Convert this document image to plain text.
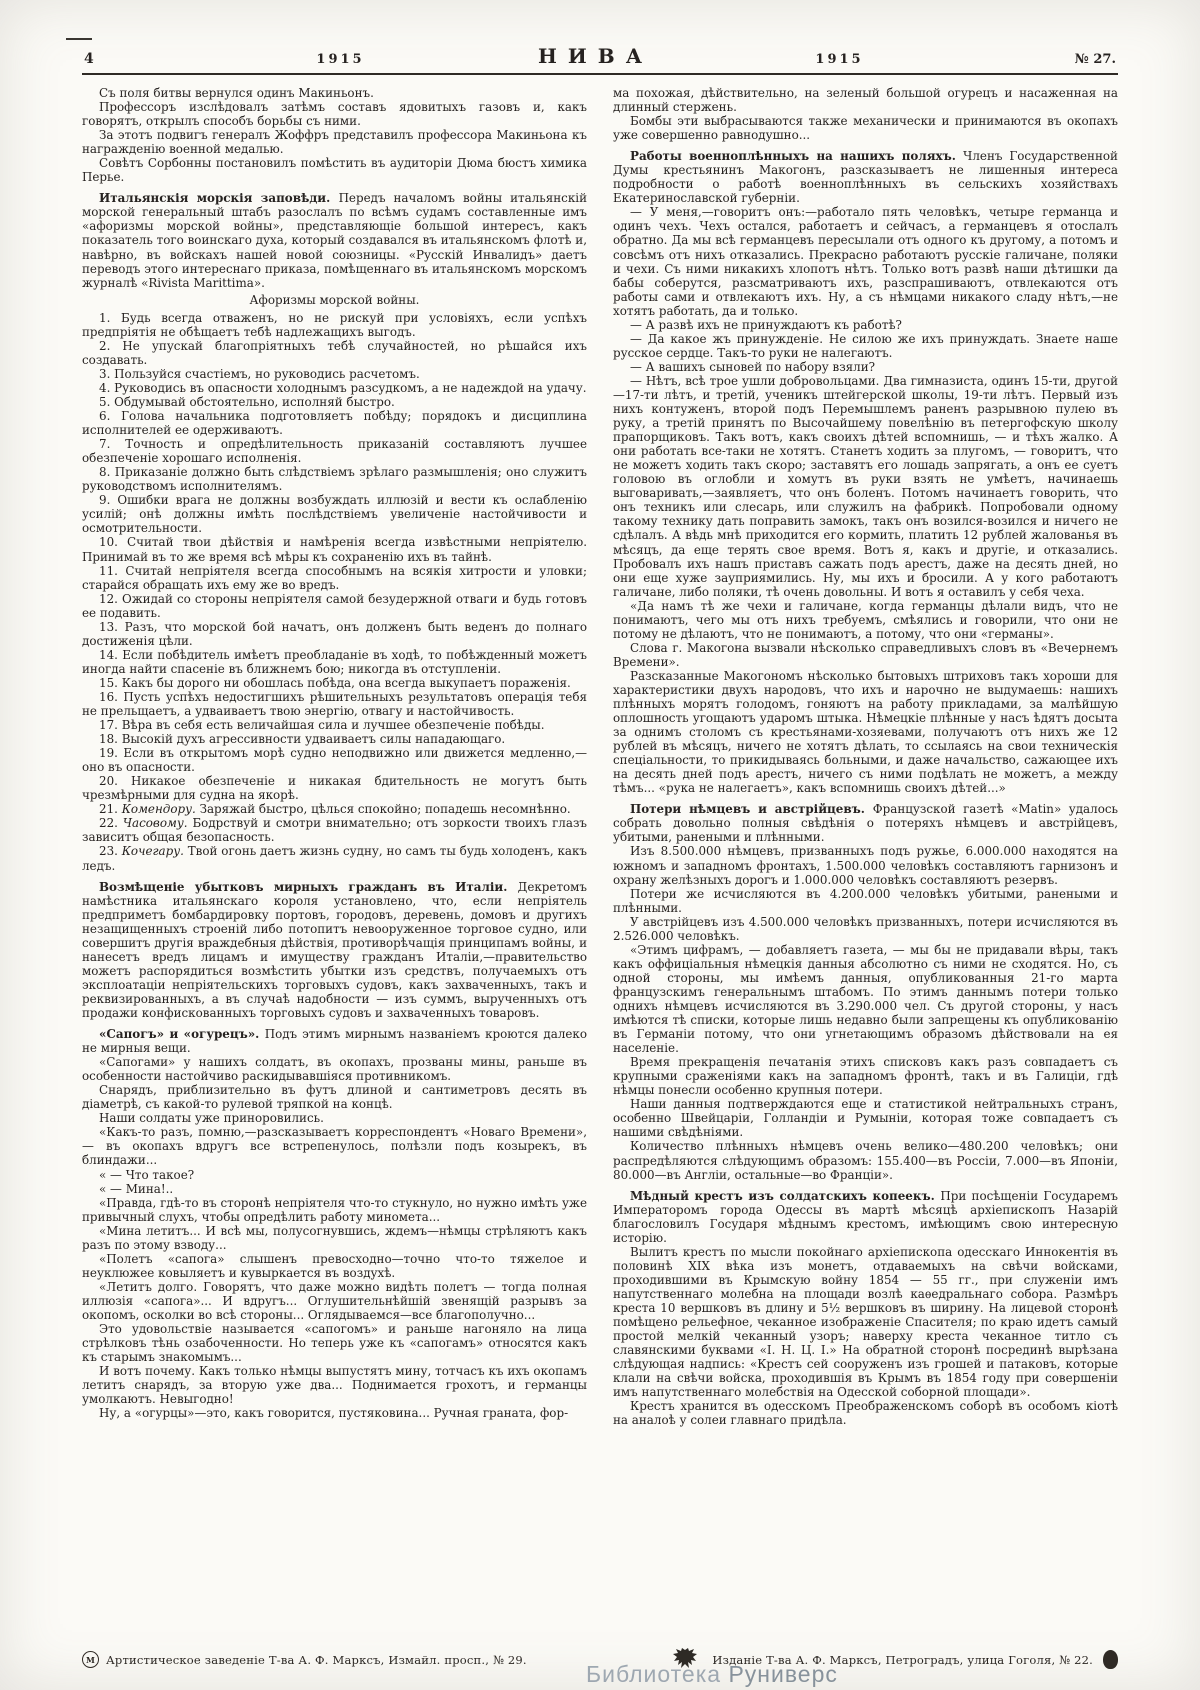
4	1915	НИВА	1915	№ 27.

Съ поля битвы вернулся одинъ Макиньонъ.

Профессоръ изслѣдовалъ затѣмъ составъ ядовитыхъ газовъ и, какъ говорятъ, открылъ способъ борьбы съ ними.

За этотъ подвигъ генералъ Жоффръ представилъ профессора Макиньона къ награжденію военной медалью.

Совѣтъ Сорбонны постановилъ помѣстить въ аудиторіи Дюма бюстъ химика Перье.

Итальянскія морскія заповѣди. Передъ началомъ войны итальянскій морской генеральный штабъ разослалъ по всѣмъ судамъ составленные имъ «афоризмы морской войны», представляющіе большой интересъ, какъ показатель того воинскаго духа, который создавался въ итальянскомъ флотѣ и, навѣрно, въ войскахъ нашей новой союзницы. «Русскій Инвалидъ» даетъ переводъ этого интереснаго приказа, помѣщеннаго въ итальянскомъ морскомъ журналѣ «Rivista Marittima».

Афоризмы морской войны.

1. Будь всегда отваженъ, но не рискуй при условіяхъ, если успѣхъ предпріятія не обѣщаетъ тебѣ надлежащихъ выгодъ.

2. Не упускай благопріятныхъ тебѣ случайностей, но рѣшайся ихъ создавать.

3. Пользуйся счастіемъ, но руководись расчетомъ.

4. Руководись въ опасности холоднымъ разсудкомъ, а не надеждой на удачу.

5. Обдумывай обстоятельно, исполняй быстро.

6. Голова начальника подготовляетъ побѣду; порядокъ и дисциплина исполнителей ее одерживаютъ.

7. Точность и опредѣлительность приказаній составляютъ лучшее обезпеченіе хорошаго исполненія.

8. Приказаніе должно быть слѣдствіемъ зрѣлаго размышленія; оно служитъ руководствомъ исполнителямъ.

9. Ошибки врага не должны возбуждать иллюзій и вести къ ослабленію усилій; онѣ должны имѣть послѣдствіемъ увеличеніе настойчивости и осмотрительности.

10. Считай твои дѣйствія и намѣренія всегда извѣстными непріятелю. Принимай въ то же время всѣ мѣры къ сохраненію ихъ въ тайнѣ.

11. Считай непріятеля всегда способнымъ на всякія хитрости и уловки; старайся обращать ихъ ему же во вредъ.

12. Ожидай со стороны непріятеля самой безудержной отваги и будь готовъ ее подавить.

13. Разъ, что морской бой начатъ, онъ долженъ быть веденъ до полнаго достиженія цѣли.

14. Если побѣдитель имѣетъ преобладаніе въ ходѣ, то побѣжденный можетъ иногда найти спасеніе въ ближнемъ бою; никогда въ отступленіи.

15. Какъ бы дорого ни обошлась побѣда, она всегда выкупаетъ пораженія.

16. Пусть успѣхъ недостигшихъ рѣшительныхъ результатовъ операція тебя не прельщаетъ, а удваиваетъ твою энергію, отвагу и настойчивость.

17. Вѣра въ себя есть величайшая сила и лучшее обезпеченіе побѣды.

18. Высокій духъ агрессивности удваиваетъ силы нападающаго.

19. Если въ открытомъ морѣ судно неподвижно или движется медленно,— оно въ опасности.

20. Никакое обезпеченіе и никакая бдительность не могутъ быть чрезмѣрными для судна на якорѣ.

21. Комендору. Заряжай быстро, цѣлься спокойно; попадешь несомнѣнно.

22. Часовому. Бодрствуй и смотри внимательно; отъ зоркости твоихъ глазъ зависитъ общая безопасность.

23. Кочегару. Твой огонь даетъ жизнь судну, но самъ ты будь холоденъ, какъ ледъ.

Возмѣщеніе убытковъ мирныхъ гражданъ въ Италіи. Декретомъ намѣстника итальянскаго короля установлено, что, если непріятель предприметъ бомбардировку портовъ, городовъ, деревень, домовъ и другихъ незащищенныхъ строеній либо потопитъ невооруженное торговое судно, или совершитъ другія враждебныя дѣйствія, противорѣчащія принципамъ войны, и нанесетъ вредъ лицамъ и имуществу гражданъ Италіи,—правительство можетъ распорядиться возмѣстить убытки изъ средствъ, получаемыхъ отъ эксплоатаціи непріятельскихъ торговыхъ судовъ, какъ захваченныхъ, такъ и реквизированныхъ, а въ случаѣ надобности — изъ суммъ, вырученныхъ отъ продажи конфискованныхъ торговыхъ судовъ и захваченныхъ товаровъ.

«Сапогъ» и «огурецъ». Подъ этимъ мирнымъ названіемъ кроются далеко не мирныя вещи.

«Сапогами» у нашихъ солдатъ, въ окопахъ, прозваны мины, раньше въ особенности настойчиво раскидывавшіяся противникомъ.

Снарядъ, приблизительно въ футъ длиной и сантиметровъ десять въ діаметрѣ, съ какой-то рулевой тряпкой на концѣ.

Наши солдаты уже приноровились.

«Какъ-то разъ, помню,—разсказываетъ корреспондентъ «Новаго Времени»,— въ окопахъ вдругъ все встрепенулось, полѣзли подъ козырекъ, въ блиндажи...

« — Что такое?

« — Мина!..

«Правда, гдѣ-то въ сторонѣ непріятеля что-то стукнуло, но нужно имѣть уже привычный слухъ, чтобы опредѣлить работу миномета...

«Мина летитъ... И всѣ мы, полусогнувшись, ждемъ—нѣмцы стрѣляютъ какъ разъ по этому взводу...

«Полетъ «сапога» слышенъ превосходно—точно что-то тяжелое и неуклюжее ковыляетъ и кувыркается въ воздухѣ.

«Летитъ долго. Говорятъ, что даже можно видѣть полетъ — тогда полная иллюзія «сапога»... И вдругъ... Оглушительнѣйшій звенящій разрывъ за окопомъ, осколки во всѣ стороны... Оглядываемся—все благополучно...

Это удовольствіе называется «сапогомъ» и раньше нагоняло на лица стрѣлковъ тѣнь озабоченности. Но теперь уже къ «сапогамъ» относятся какъ къ старымъ знакомымъ...

И вотъ почему. Какъ только нѣмцы выпустятъ мину, тотчасъ къ ихъ окопамъ летитъ снарядъ, за вторую уже два... Поднимается грохотъ, и германцы умолкаютъ. Невыгодно!

Ну, а «огурцы»—это, какъ говорится, пустяковина... Ручная граната, фор-

ма похожая, дѣйствительно, на зеленый большой огурецъ и насаженная на длинный стержень.

Бомбы эти выбрасываются также механически и принимаются въ окопахъ уже совершенно равнодушно...

Работы военноплѣнныхъ на нашихъ поляхъ. Членъ Государственной Думы крестьянинъ Макогонъ, разсказываетъ не лишенныя интереса подробности о работѣ военноплѣнныхъ въ сельскихъ хозяйствахъ Екатеринославской губерніи.

— У меня,—говоритъ онъ:—работало пять человѣкъ, четыре германца и одинъ чехъ. Чехъ остался, работаетъ и сейчасъ, а германцевъ я отослалъ обратно. Да мы всѣ германцевъ пересылали отъ одного къ другому, а потомъ и совсѣмъ отъ нихъ отказались. Прекрасно работаютъ русскіе галичане, поляки и чехи. Съ ними никакихъ хлопотъ нѣтъ. Только вотъ развѣ наши дѣтишки да бабы соберутся, разсматриваютъ ихъ, разспрашиваютъ, отвлекаются отъ работы сами и отвлекаютъ ихъ. Ну, а съ нѣмцами никакого сладу нѣтъ,—не хотятъ работать, да и только.

— А развѣ ихъ не принуждаютъ къ работѣ?

— Да какое жъ принужденіе. Не силою же ихъ принуждать. Знаете наше русское сердце. Такъ-то руки не налегаютъ.

— А вашихъ сыновей по набору взяли?

— Нѣтъ, всѣ трое ушли добровольцами. Два гимназиста, одинъ 15-ти, другой—17-ти лѣтъ, и третій, ученикъ штейгерской школы, 19-ти лѣтъ. Первый изъ нихъ контуженъ, второй подъ Перемышлемъ раненъ разрывною пулею въ руку, а третій принятъ по Высочайшему повелѣнію въ петергофскую школу прапорщиковъ. Такъ вотъ, какъ своихъ дѣтей вспомнишь, — и тѣхъ жалко. А они работать все-таки не хотятъ. Станетъ ходить за плугомъ, — говоритъ, что не можетъ ходить такъ скоро; заставятъ его лошадь запрягать, а онъ ее суетъ головою въ оглобли и хомутъ въ руки взять не умѣетъ, начинаешь выговаривать,—заявляетъ, что онъ боленъ. Потомъ начинаетъ говорить, что онъ техникъ или слесарь, или служилъ на фабрикѣ. Попробовали одному такому технику дать поправить замокъ, такъ онъ возился-возился и ничего не сдѣлалъ. А вѣдь мнѣ приходится его кормить, платить 12 рублей жалованья въ мѣсяцъ, да еще терять свое время. Вотъ я, какъ и другіе, и отказались. Пробовалъ ихъ нашъ приставъ сажать подъ арестъ, даже на десять дней, но они еще хуже зауприямились. Ну, мы ихъ и бросили. А у кого работаютъ галичане, либо поляки, тѣ очень довольны. И вотъ я оставилъ у себя чеха.

«Да намъ тѣ же чехи и галичане, когда германцы дѣлали видъ, что не понимаютъ, чего мы отъ нихъ требуемъ, смѣялись и говорили, что они не потому не дѣлаютъ, что не понимаютъ, а потому, что они «германы».

Слова г. Макогона вызвали нѣсколько справедливыхъ словъ въ «Вечернемъ Времени».

Разсказанные Макогономъ нѣсколько бытовыхъ штриховъ такъ хороши для характеристики двухъ народовъ, что ихъ и нарочно не выдумаешь: нашихъ плѣнныхъ морятъ голодомъ, гоняютъ на работу прикладами, за малѣйшую оплошность угощаютъ ударомъ штыка. Нѣмецкіе плѣнные у насъ ѣдятъ досыта за однимъ столомъ съ крестьянами-хозяевами, получаютъ отъ нихъ же 12 рублей въ мѣсяцъ, ничего не хотятъ дѣлать, то ссылаясь на свои техническія спеціальности, то прикидываясь больными, и даже начальство, сажающее ихъ на десять дней подъ арестъ, ничего съ ними подѣлать не можетъ, а между тѣмъ... «рука не налегаетъ», какъ вспомнишь своихъ дѣтей...»

Потери нѣмцевъ и австрійцевъ. Французской газетѣ «Matin» удалось собрать довольно полныя свѣдѣнія о потеряхъ нѣмцевъ и австрійцевъ, убитыми, ранеными и плѣнными.

Изъ 8.500.000 нѣмцевъ, призванныхъ подъ ружье, 6.000.000 находятся на южномъ и западномъ фронтахъ, 1.500.000 человѣкъ составляютъ гарнизонъ и охрану желѣзныхъ дорогъ и 1.000.000 человѣкъ составляютъ резервъ.

Потери же исчисляются въ 4.200.000 человѣкъ убитыми, ранеными и плѣнными.

У австрійцевъ изъ 4.500.000 человѣкъ призванныхъ, потери исчисляются въ 2.526.000 человѣкъ.

«Этимъ цифрамъ, — добавляетъ газета, — мы бы не придавали вѣры, такъ какъ оффиціальныя нѣмецкія данныя абсолютно съ ними не сходятся. Но, съ одной стороны, мы имѣемъ данныя, опубликованныя 21-го марта французскимъ генеральнымъ штабомъ. По этимъ даннымъ потери только однихъ нѣмцевъ исчисляются въ 3.290.000 чел. Съ другой стороны, у насъ имѣются тѣ списки, которые лишь недавно были запрещены къ опубликованію въ Германіи потому, что они угнетающимъ образомъ дѣйствовали на ея населеніе.

Время прекращенія печатанія этихъ списковъ какъ разъ совпадаетъ съ крупными сраженіями какъ на западномъ фронтѣ, такъ и въ Галиціи, гдѣ нѣмцы понесли особенно крупныя потери.

Наши данныя подтверждаются еще и статистикой нейтральныхъ странъ, особенно Швейцаріи, Голландіи и Румыніи, которая тоже совпадаетъ съ нашими свѣдѣніями.

Количество плѣнныхъ нѣмцевъ очень велико—480.200 человѣкъ; они распредѣляются слѣдующимъ образомъ: 155.400—въ Россіи, 7.000—въ Японіи, 80.000—въ Англіи, остальные—во Франціи».

Мѣдный крестъ изъ солдатскихъ копеекъ. При посѣщеніи Государемъ Императоромъ города Одессы въ мартѣ мѣсяцѣ архіепископъ Назарій благословилъ Государя мѣднымъ крестомъ, имѣющимъ свою интересную исторію.

Вылитъ крестъ по мысли покойнаго архіепископа одесскаго Иннокентія въ половинѣ XIX вѣка изъ монетъ, отдаваемыхъ на свѣчи войсками, проходившими въ Крымскую войну 1854 — 55 гг., при служеніи имъ напутственнаго молебна на площади возлѣ каѳедральнаго собора. Размѣръ креста 10 вершковъ въ длину и 5½ вершковъ въ ширину. На лицевой сторонѣ помѣщено рельефное, чеканное изображеніе Спасителя; по краю идетъ самый простой мелкій чеканный узоръ; наверху креста чеканное титло съ славянскими буквами «І. Н. Ц. І.» На обратной сторонѣ посрединѣ вырѣзана слѣдующая надпись: «Крестъ сей сооруженъ изъ грошей и патаковъ, которые клали на свѣчи войска, проходившія въ Крымъ въ 1854 году при совершеніи имъ напутственнаго молебствія на Одесской соборной площади».

Крестъ хранится въ одесскомъ Преображенскомъ соборѣ въ особомъ кіотѣ на аналоѣ у солеи главнаго придѣла.

М Артистическое заведеніе Т-ва А. Ф. Марксъ, Измайл. просп., № 29.	Изданіе Т-ва А. Ф. Марксъ, Петроградъ, улица Гоголя, № 22.
Библиотека Руниверс
